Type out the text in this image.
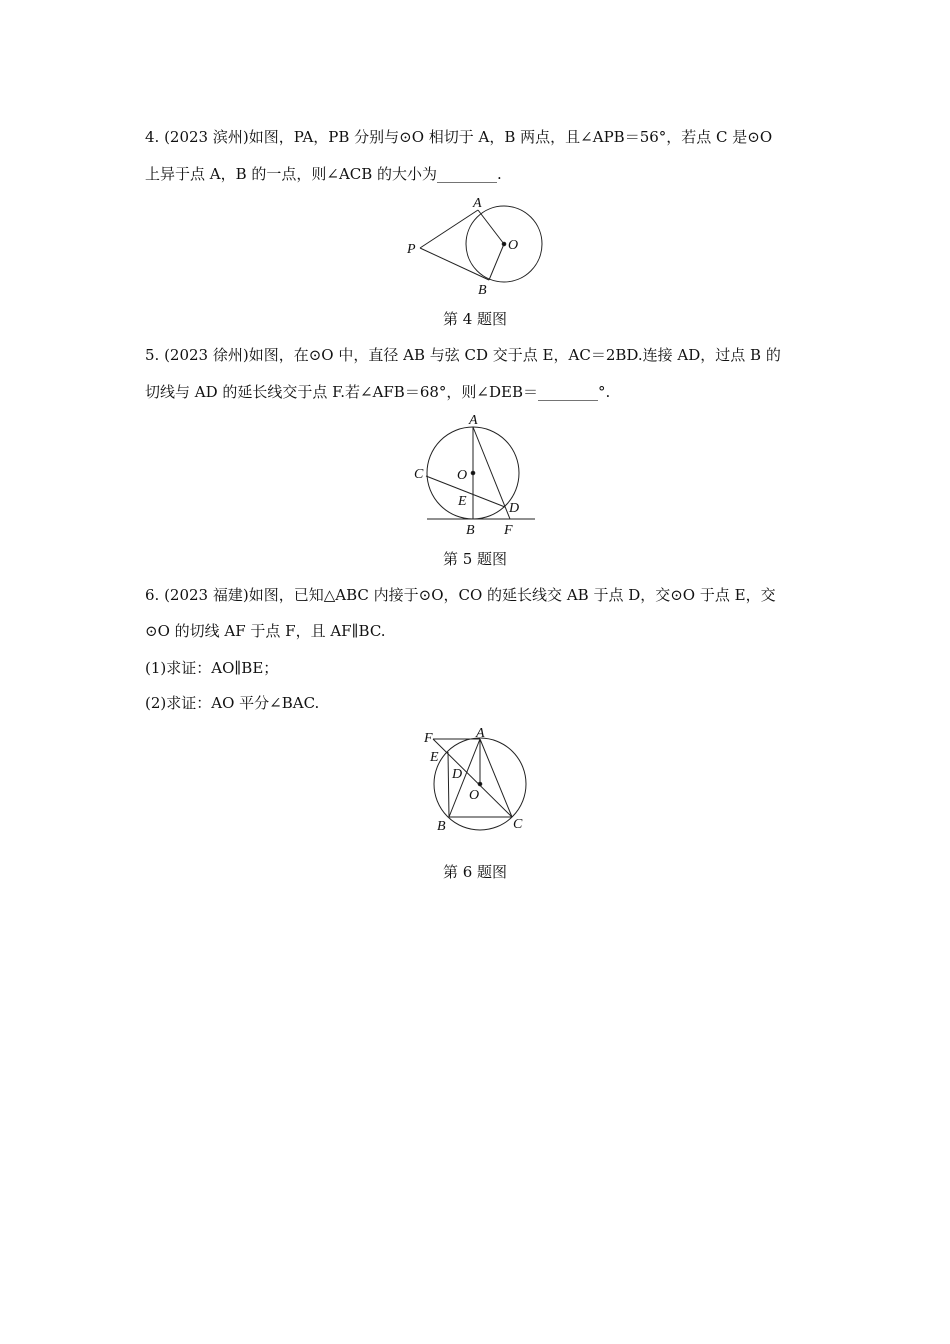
4. (2023 滨州)如图，PA，PB 分别与⊙O 相切于 A，B 两点，且∠APB＝56°，若点 C 是⊙O
上异于点 A，B 的一点，则∠ACB 的大小为________.
第 4 题图
5. (2023 徐州)如图，在⊙O 中，直径 AB 与弦 CD 交于点 E，AC＝2BD.连接 AD，过点 B 的
切线与 AD 的延长线交于点 F.若∠AFB＝68°，则∠DEB＝________°.
第 5 题图
6. (2023 福建)如图，已知△ABC 内接于⊙O，CO 的延长线交 AB 于点 D，交⊙O 于点 E，交
⊙O 的切线 AF 于点 F，且 AF∥BC.
(1)求证：AO∥BE；
(2)求证：AO 平分∠BAC.
第 6 题图
A
P	O
B
A
C O
E	D
B F
F	A
E
D
O
B	C
